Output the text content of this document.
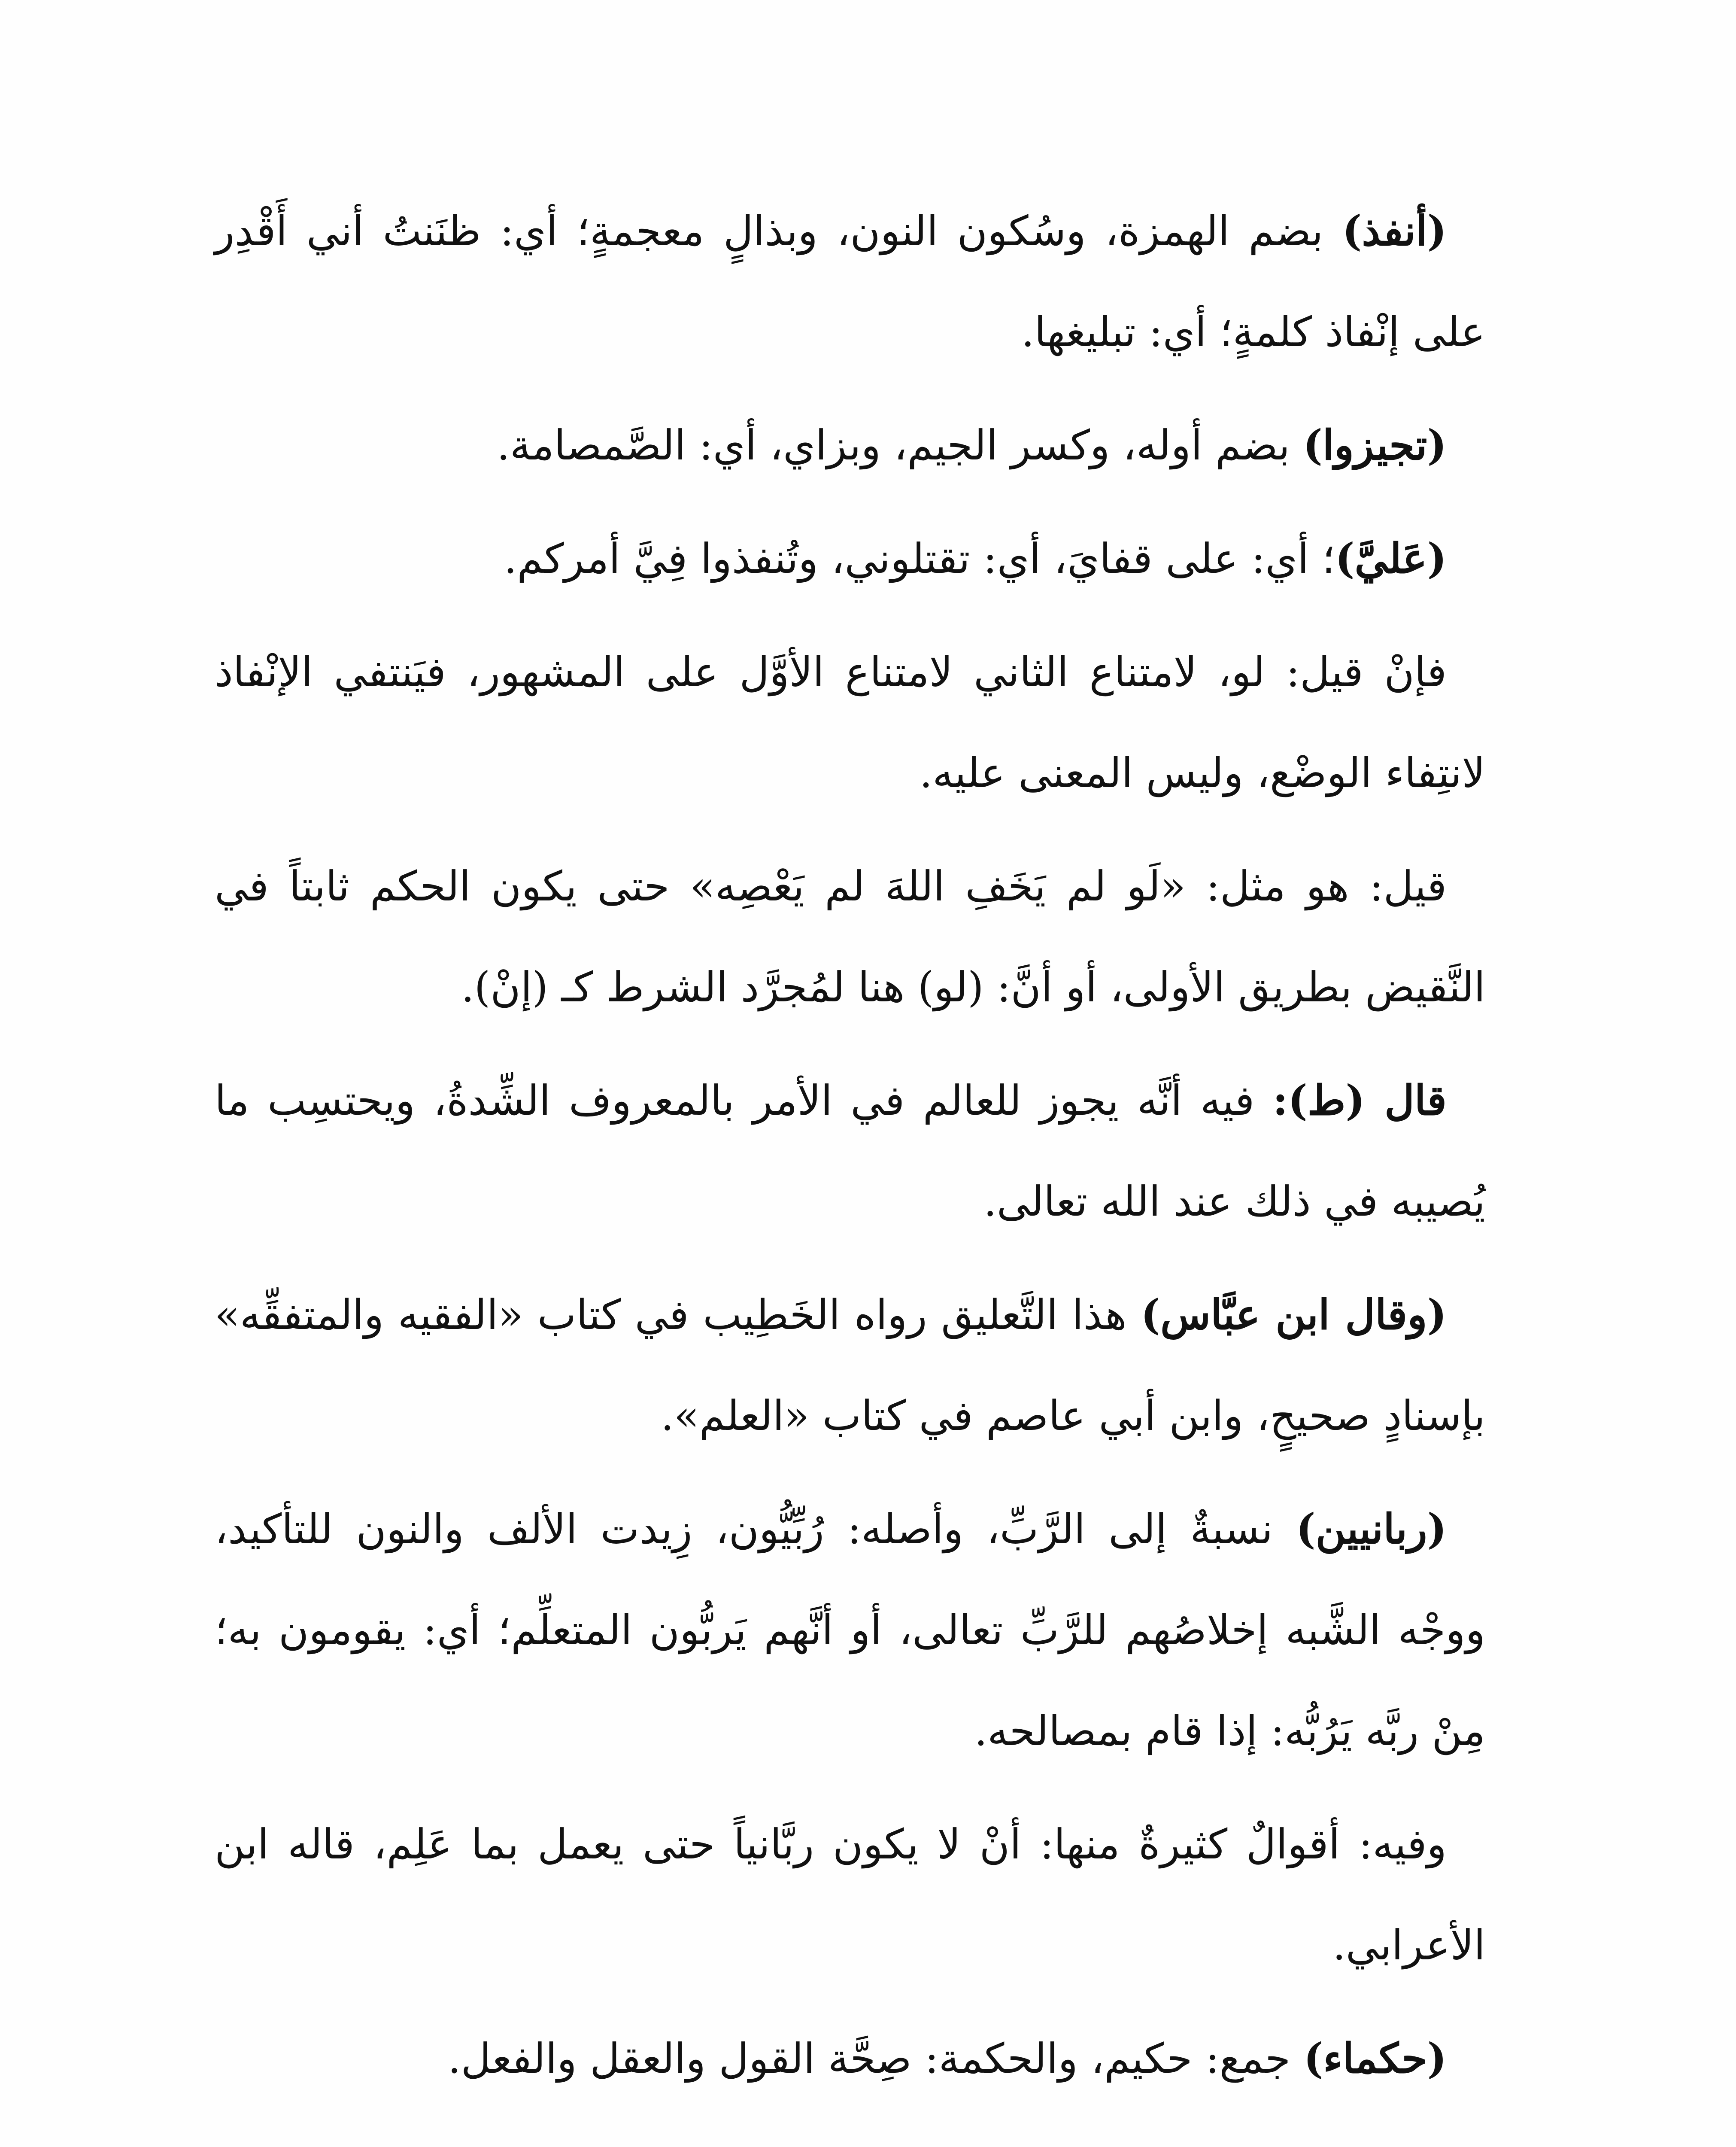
(أنفذ) بضم الهمزة، وسُكون النون، وبذالٍ معجمةٍ؛ أي: ظنَنتُ أني أَقْدِر على إنْفاذ كلمةٍ؛ أي: تبليغها.

(تجيزوا) بضم أوله، وكسر الجيم، وبزاي، أي: الصَّمصامة.

(عَليَّ)؛ أي: على قفايَ، أي: تقتلوني، وتُنفذوا فِيَّ أمركم.

فإنْ قيل: لو، لامتناع الثاني لامتناع الأوَّل على المشهور، فيَنتفي الإنْفاذ لانتِفاء الوضْع، وليس المعنى عليه.

قيل: هو مثل: «لَو لم يَخَفِ اللهَ لم يَعْصِه» حتى يكون الحكم ثابتاً في النَّقيض بطريق الأولى، أو أنَّ: (لو) هنا لمُجرَّد الشرط كـ (إنْ).

قال (ط): فيه أنَّه يجوز للعالم في الأمر بالمعروف الشِّدةُ، ويحتسِب ما يُصيبه في ذلك عند الله تعالى.

(وقال ابن عبَّاس) هذا التَّعليق رواه الخَطِيب في كتاب «الفقيه والمتفقِّه» بإسنادٍ صحيحٍ، وابن أبي عاصم في كتاب «العلم».

(ربانيين) نسبةٌ إلى الرَّبِّ، وأصله: رُبِّيُّون، زِيدت الألف والنون للتأكيد، ووجْه الشَّبه إخلاصُهم للرَّبِّ تعالى، أو أنَّهم يَربُّون المتعلِّم؛ أي: يقومون به؛ مِنْ ربَّه يَرُبُّه: إذا قام بمصالحه.

وفيه: أقوالٌ كثيرةٌ منها: أنْ لا يكون ربَّانياً حتى يعمل بما عَلِم، قاله ابن الأعرابي.

(حكماء) جمع: حكيم، والحكمة: صِحَّة القول والعقل والفعل.
